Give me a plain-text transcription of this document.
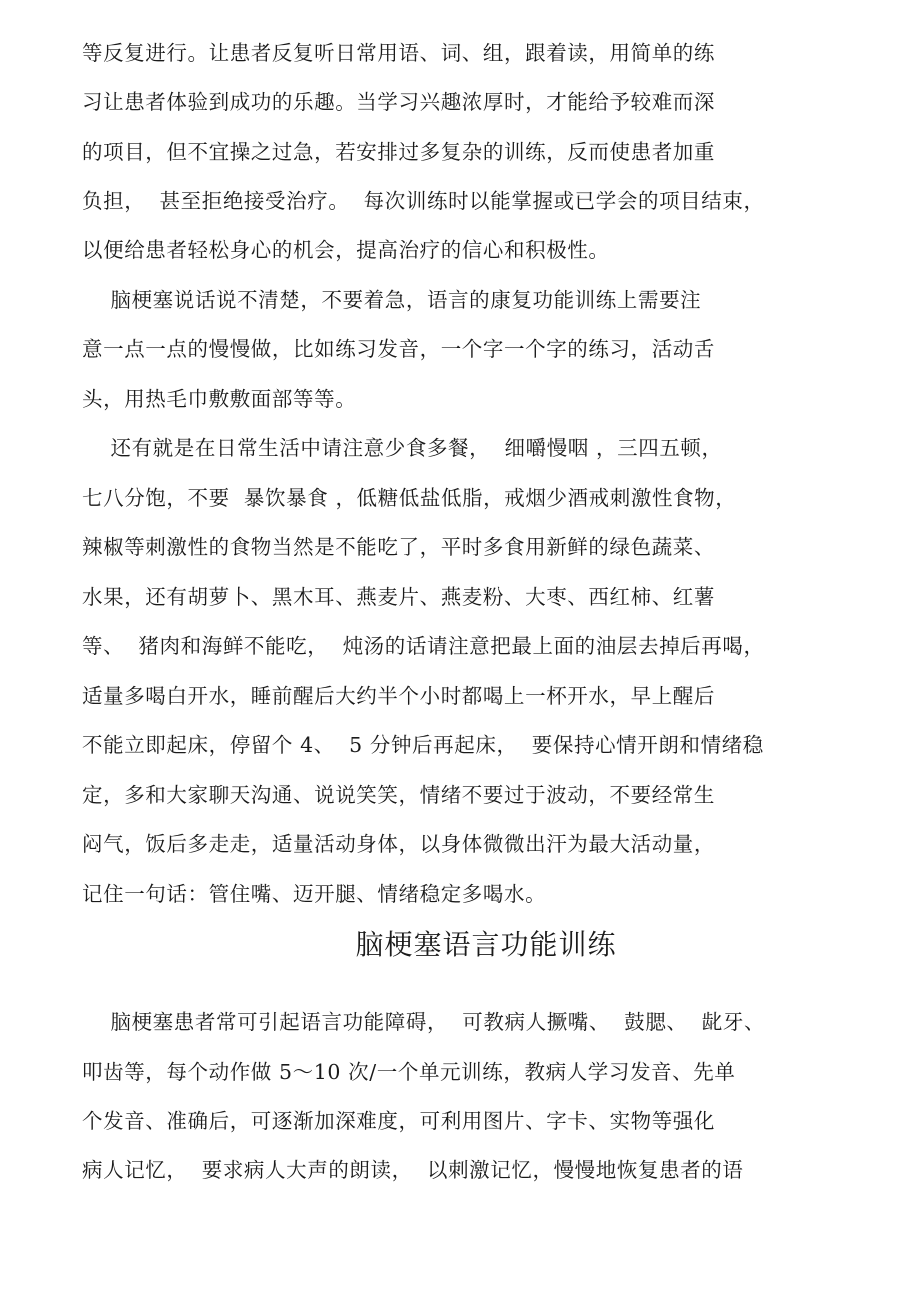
等反复进行。让患者反复听日常用语、词、组，跟着读，用简单的练
习让患者体验到成功的乐趣。当学习兴趣浓厚时，才能给予较难而深
的项目，但不宜操之过急，若安排过多复杂的训练，反而使患者加重
负担，  甚至拒绝接受治疗。  每次训练时以能掌握或已学会的项目结束，
以便给患者轻松身心的机会，提高治疗的信心和积极性。
脑梗塞说话说不清楚，不要着急，语言的康复功能训练上需要注
意一点一点的慢慢做，比如练习发音，一个字一个字的练习，活动舌
头，用热毛巾敷敷面部等等。
还有就是在日常生活中请注意少食多餐，  细嚼慢咽 ，三四五顿，
七八分饱，不要  暴饮暴食 ，低糖低盐低脂，戒烟少酒戒刺激性食物，
辣椒等刺激性的食物当然是不能吃了，平时多食用新鲜的绿色蔬菜、
水果，还有胡萝卜、黑木耳、燕麦片、燕麦粉、大枣、西红柿、红薯
等、  猪肉和海鲜不能吃，  炖汤的话请注意把最上面的油层去掉后再喝，
适量多喝白开水，睡前醒后大约半个小时都喝上一杯开水，早上醒后
不能立即起床，停留个 4、  5 分钟后再起床，  要保持心情开朗和情绪稳
定，多和大家聊天沟通、说说笑笑，情绪不要过于波动，不要经常生
闷气，饭后多走走，适量活动身体，以身体微微出汗为最大活动量，
记住一句话：管住嘴、迈开腿、情绪稳定多喝水。
脑梗塞语言功能训练
脑梗塞患者常可引起语言功能障碍，  可教病人撅嘴、  鼓腮、  龀牙、
叩齿等，每个动作做 5～10 次/一个单元训练，教病人学习发音、先单
个发音、准确后，可逐渐加深难度，可利用图片、字卡、实物等强化
病人记忆，  要求病人大声的朗读，  以刺激记忆，慢慢地恢复患者的语
